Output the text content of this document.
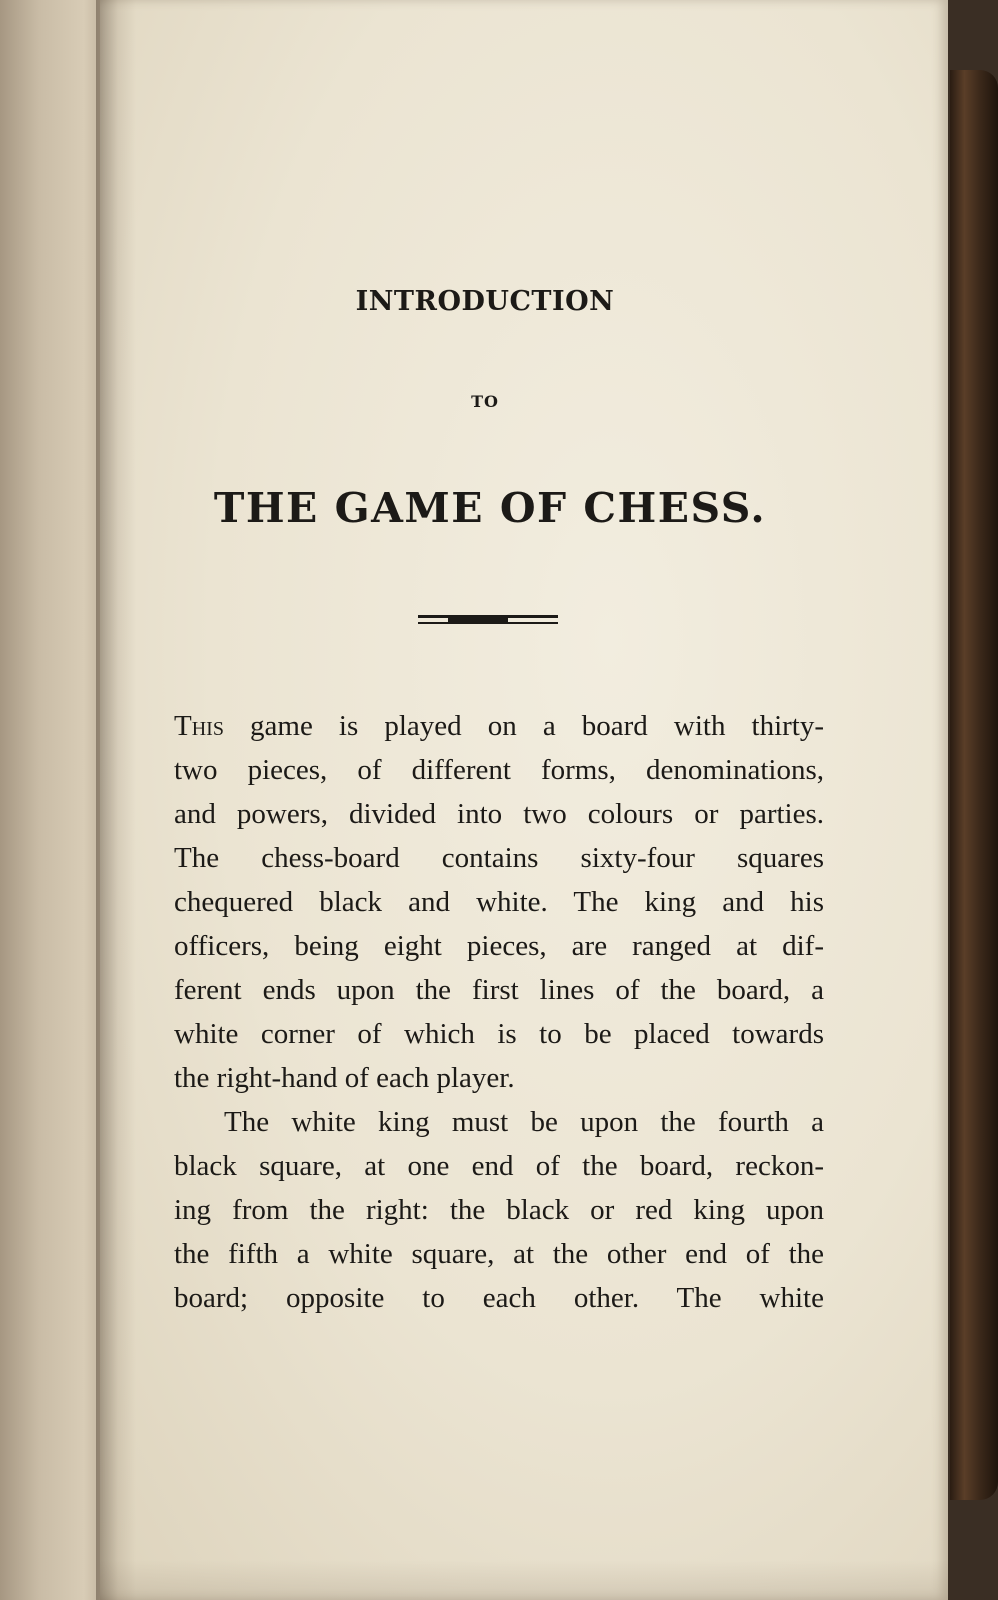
INTRODUCTION
TO
THE GAME OF CHESS.
This game is played on a board with thirty-
two pieces, of different forms, denominations,
and powers, divided into two colours or parties.
The chess-board contains sixty-four squares
chequered black and white. The king and his
officers, being eight pieces, are ranged at dif-
ferent ends upon the first lines of the board, a
white corner of which is to be placed towards
the right-hand of each player.
The white king must be upon the fourth a
black square, at one end of the board, reckon-
ing from the right: the black or red king upon
the fifth a white square, at the other end of the
board; opposite to each other. The white
